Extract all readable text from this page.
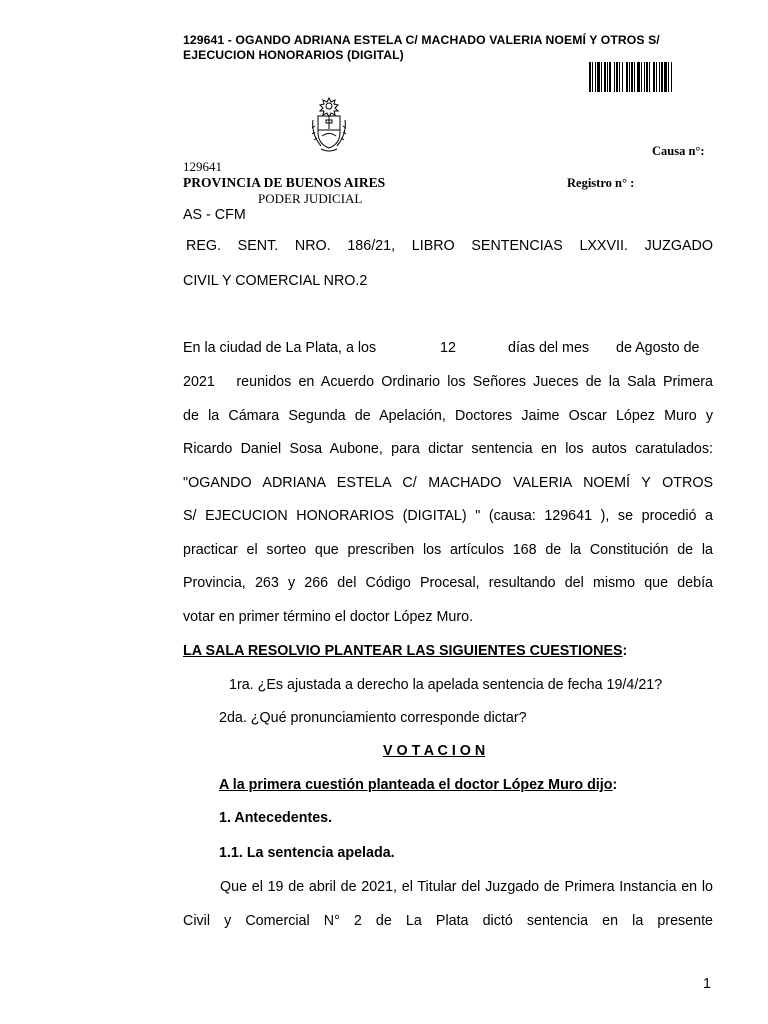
129641 - OGANDO ADRIANA ESTELA C/ MACHADO VALERIA NOEMÍ Y OTROS S/
EJECUCION HONORARIOS (DIGITAL)
Causa n°:
129641
PROVINCIA DE BUENOS AIRES	Registro n° :
PODER JUDICIAL
AS - CFM
REG. SENT. NRO. 186/21, LIBRO SENTENCIAS LXXVII. JUZGADO
CIVIL Y COMERCIAL NRO.2
En la ciudad de La Plata, a los	12	días del mes de Agosto de
2021   reunidos en Acuerdo Ordinario los Señores Jueces de la Sala Primera
de la Cámara Segunda de Apelación, Doctores Jaime Oscar López Muro y
Ricardo Daniel Sosa Aubone, para dictar sentencia en los autos caratulados:
"OGANDO ADRIANA ESTELA C/ MACHADO VALERIA NOEMÍ Y OTROS
S/ EJECUCION HONORARIOS (DIGITAL) " (causa: 129641 ), se procedió a
practicar el sorteo que prescriben los artículos 168 de la Constitución de la
Provincia, 263 y 266 del Código Procesal, resultando del mismo que debía
votar en primer término el doctor López Muro.
LA SALA RESOLVIO PLANTEAR LAS SIGUIENTES CUESTIONES:
1ra. ¿Es ajustada a derecho la apelada sentencia de fecha 19/4/21?
2da. ¿Qué pronunciamiento corresponde dictar?
V O T A C I O N
A la primera cuestión planteada el doctor López Muro dijo:
1. Antecedentes.
1.1. La sentencia apelada.
Que el 19 de abril de 2021, el Titular del Juzgado de Primera Instancia en lo Civil y Comercial N° 2 de La Plata dictó sentencia en la presente
1
